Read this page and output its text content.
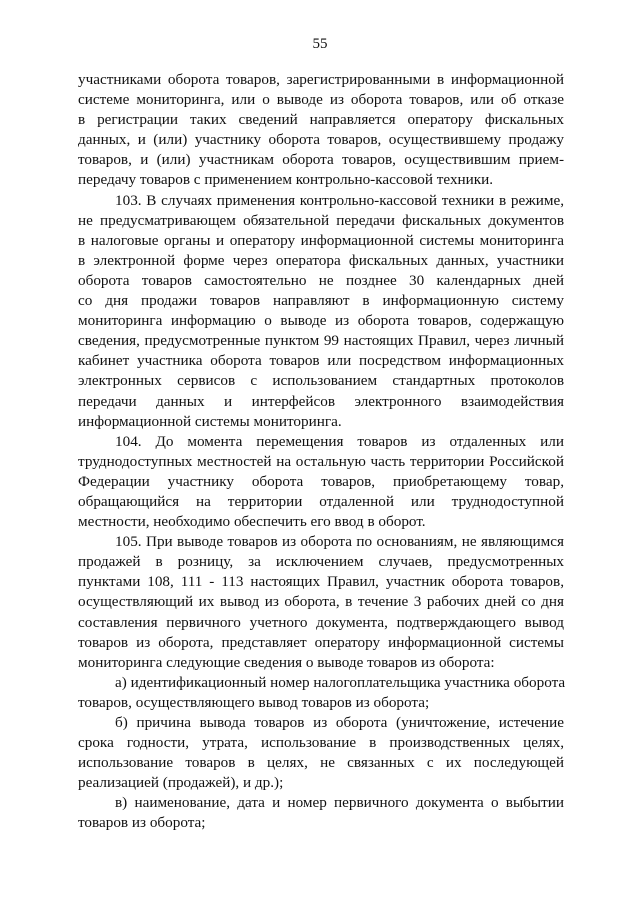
55
участниками оборота товаров, зарегистрированными в информационной
системе мониторинга, или о выводе из оборота товаров, или об отказе
в регистрации таких сведений направляется оператору фискальных
данных, и (или) участнику оборота товаров, осуществившему продажу
товаров, и (или) участникам оборота товаров, осуществившим прием-
передачу товаров с применением контрольно-кассовой техники.
103. В случаях применения контрольно-кассовой техники в режиме,
не предусматривающем обязательной передачи фискальных документов
в налоговые органы и оператору информационной системы мониторинга
в электронной форме через оператора фискальных данных, участники
оборота товаров самостоятельно не позднее 30 календарных дней
со дня продажи товаров направляют в информационную систему
мониторинга информацию о выводе из оборота товаров, содержащую
сведения, предусмотренные пунктом 99 настоящих Правил, через личный
кабинет участника оборота товаров или посредством информационных
электронных сервисов с использованием стандартных протоколов
передачи данных и интерфейсов электронного взаимодействия
информационной системы мониторинга.
104. До момента перемещения товаров из отдаленных или
труднодоступных местностей на остальную часть территории Российской
Федерации участнику оборота товаров, приобретающему товар,
обращающийся на территории отдаленной или труднодоступной
местности, необходимо обеспечить его ввод в оборот.
105. При выводе товаров из оборота по основаниям, не являющимся
продажей в розницу, за исключением случаев, предусмотренных
пунктами 108, 111 - 113 настоящих Правил, участник оборота товаров,
осуществляющий их вывод из оборота, в течение 3 рабочих дней со дня
составления первичного учетного документа, подтверждающего вывод
товаров из оборота, представляет оператору информационной системы
мониторинга следующие сведения о выводе товаров из оборота:
а) идентификационный номер налогоплательщика участника оборота
товаров, осуществляющего вывод товаров из оборота;
б) причина вывода товаров из оборота (уничтожение, истечение
срока годности, утрата, использование в производственных целях,
использование товаров в целях, не связанных с их последующей
реализацией (продажей), и др.);
в) наименование, дата и номер первичного документа о выбытии
товаров из оборота;
